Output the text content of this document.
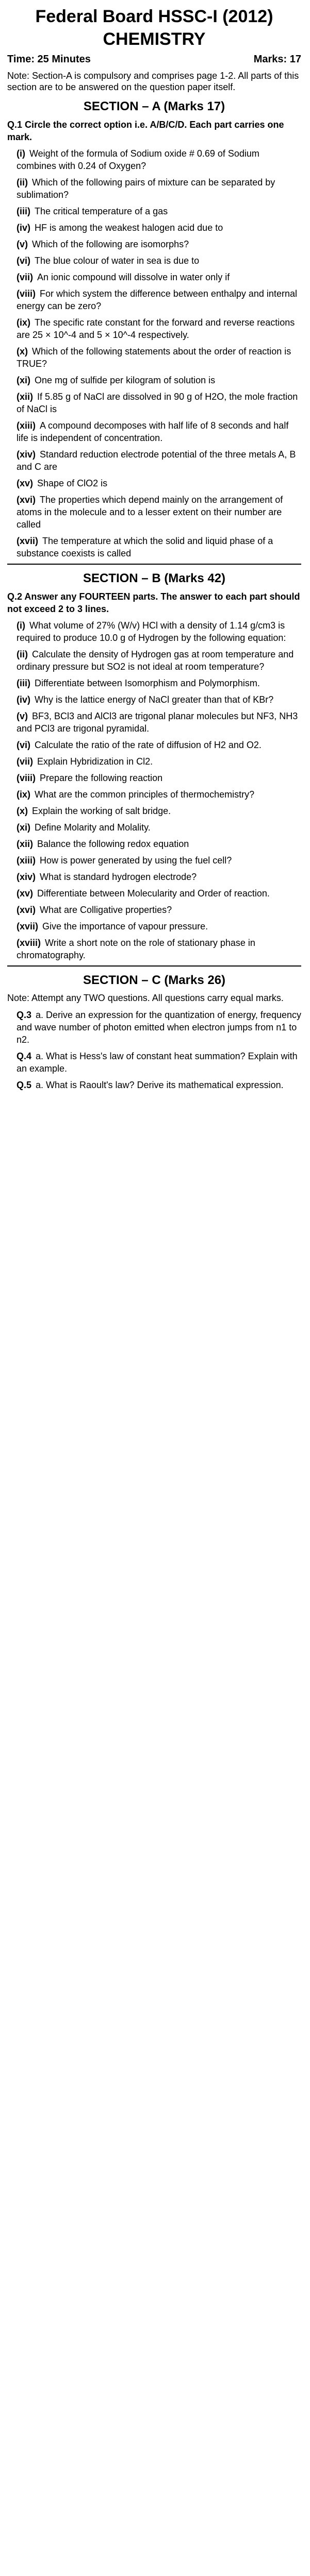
Federal Board HSSC-I (2012)
CHEMISTRY
Time: 25 Minutes	Marks: 17
Note: Section-A is compulsory and comprises page 1-2. All parts of this section are to be answered on the question paper itself.
SECTION – A (Marks 17)
Q.1 Circle the correct option i.e. A/B/C/D. Each part carries one mark.
(i) Weight of the formula of Sodium oxide # 0.69 of Sodium combines with 0.24 of Oxygen?
(ii) Which of the following pairs of mixture can be separated by sublimation?
(iii) The critical temperature of a gas
(iv) HF is among the weakest halogen acid due to
(v) Which of the following are isomorphs?
(vi) The blue colour of water in sea is due to
(vii) An ionic compound will dissolve in water only if
(viii) For which system the difference between enthalpy and internal energy can be zero?
(ix) The specific rate constant for the forward and reverse reactions are 25 × 10^-4 and 5 × 10^-4 respectively.
(x) Which of the following statements about the order of reaction is TRUE?
(xi) One mg of sulfide per kilogram of solution is
(xii) If 5.85 g of NaCl are dissolved in 90 g of H2O, the mole fraction of NaCl is
(xiii) A compound decomposes with half life of 8 seconds and half life is independent of concentration.
(xiv) Standard reduction electrode potential of the three metals A, B and C are
(xv) Shape of ClO2 is
(xvi) The properties which depend mainly on the arrangement of atoms in the molecule and to a lesser extent on their number are called
(xvii) The temperature at which the solid and liquid phase of a substance coexists is called
SECTION – B (Marks 42)
Q.2 Answer any FOURTEEN parts. The answer to each part should not exceed 2 to 3 lines.
(i) What volume of 27% (W/v) HCl with a density of 1.14 g/cm3 is required to produce 10.0 g of Hydrogen by the following equation:
(ii) Calculate the density of Hydrogen gas at room temperature and ordinary pressure but SO2 is not ideal at room temperature?
(iii) Differentiate between Isomorphism and Polymorphism.
(iv) Why is the lattice energy of NaCl greater than that of KBr?
(v) BF3, BCl3 and AlCl3 are trigonal planar molecules but NF3, NH3 and PCl3 are trigonal pyramidal.
(vi) Calculate the ratio of the rate of diffusion of H2 and O2.
(vii) Explain Hybridization in Cl2.
(viii) Prepare the following reaction
(ix) What are the common principles of thermochemistry?
(x) Explain the working of salt bridge.
(xi) Define Molarity and Molality.
(xii) Balance the following redox equation
(xiii) How is power generated by using the fuel cell?
(xiv) What is standard hydrogen electrode?
(xv) Differentiate between Molecularity and Order of reaction.
(xvi) What are Colligative properties?
(xvii) Give the importance of vapour pressure.
(xviii) Write a short note on the role of stationary phase in chromatography.
SECTION – C (Marks 26)
Note: Attempt any TWO questions. All questions carry equal marks.
Q.3 a. Derive an expression for the quantization of energy, frequency and wave number of photon emitted when electron jumps from n1 to n2.
Q.4 a. What is Hess's law of constant heat summation? Explain with an example.
Q.5 a. What is Raoult's law? Derive its mathematical expression.
